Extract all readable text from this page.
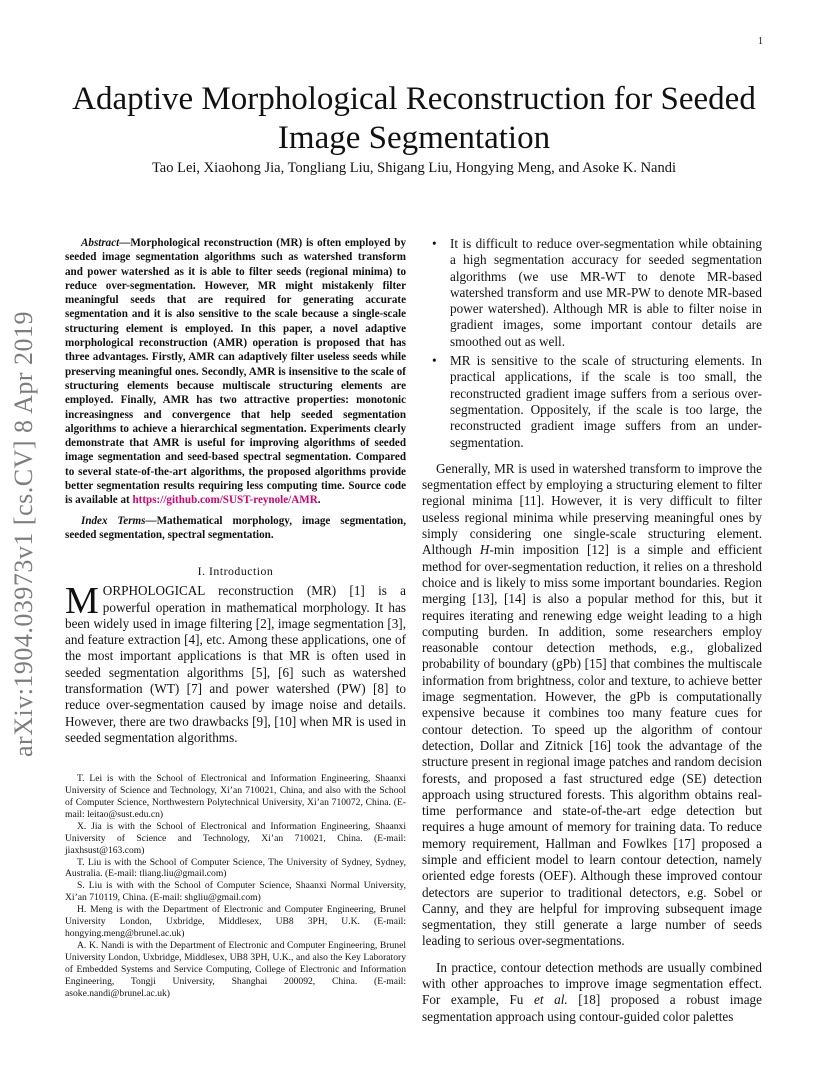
1
Adaptive Morphological Reconstruction for Seeded Image Segmentation
Tao Lei, Xiaohong Jia, Tongliang Liu, Shigang Liu, Hongying Meng, and Asoke K. Nandi
arXiv:1904.03973v1 [cs.CV] 8 Apr 2019

Abstract—Morphological reconstruction (MR) is often employed by seeded image segmentation algorithms such as watershed transform and power watershed as it is able to filter seeds (regional minima) to reduce over-segmentation. However, MR might mistakenly filter meaningful seeds that are required for generating accurate segmentation and it is also sensitive to the scale because a single-scale structuring element is employed. In this paper, a novel adaptive morphological reconstruction (AMR) operation is proposed that has three advantages. Firstly, AMR can adaptively filter useless seeds while preserving meaningful ones. Secondly, AMR is insensitive to the scale of structuring elements because multiscale structuring elements are employed. Finally, AMR has two attractive properties: monotonic increasingness and convergence that help seeded segmentation algorithms to achieve a hierarchical segmentation. Experiments clearly demonstrate that AMR is useful for improving algorithms of seeded image segmentation and seed-based spectral segmentation. Compared to several state-of-the-art algorithms, the proposed algorithms provide better segmentation results requiring less computing time. Source code is available at https://github.com/SUST-reynole/AMR.

Index Terms—Mathematical morphology, image segmentation, seeded segmentation, spectral segmentation.

I. Introduction

MORPHOLOGICAL reconstruction (MR) [1] is a powerful operation in mathematical morphology. It has been widely used in image filtering [2], image segmentation [3], and feature extraction [4], etc. Among these applications, one of the most important applications is that MR is often used in seeded segmentation algorithms [5], [6] such as watershed transformation (WT) [7] and power watershed (PW) [8] to reduce over-segmentation caused by image noise and details. However, there are two drawbacks [9], [10] when MR is used in seeded segmentation algorithms.

T. Lei is with the School of Electronical and Information Engineering, Shaanxi University of Science and Technology, Xi’an 710021, China, and also with the School of Computer Science, Northwestern Polytechnical University, Xi’an 710072, China. (E-mail: leitao@sust.edu.cn)

X. Jia is with the School of Electronical and Information Engineering, Shaanxi University of Science and Technology, Xi’an 710021, China. (E-mail: jiaxhsust@163.com)

T. Liu is with the School of Computer Science, The University of Sydney, Sydney, Australia. (E-mail: tliang.liu@gmail.com)

S. Liu is with with the School of Computer Science, Shaanxi Normal University, Xi’an 710119, China. (E-mail: shgliu@gmail.com)

H. Meng is with the Department of Electronic and Computer Engineering, Brunel University London, Uxbridge, Middlesex, UB8 3PH, U.K. (E-mail: hongying.meng@brunel.ac.uk)

A. K. Nandi is with the Department of Electronic and Computer Engineering, Brunel University London, Uxbridge, Middlesex, UB8 3PH, U.K., and also the Key Laboratory of Embedded Systems and Service Computing, College of Electronic and Information Engineering, Tongji University, Shanghai 200092, China. (E-mail: asoke.nandi@brunel.ac.uk)

• It is difficult to reduce over-segmentation while obtaining a high segmentation accuracy for seeded segmentation algorithms (we use MR-WT to denote MR-based watershed transform and use MR-PW to denote MR-based power watershed). Although MR is able to filter noise in gradient images, some important contour details are smoothed out as well.
• MR is sensitive to the scale of structuring elements. In practical applications, if the scale is too small, the reconstructed gradient image suffers from a serious over-segmentation. Oppositely, if the scale is too large, the reconstructed gradient image suffers from an under-segmentation.

Generally, MR is used in watershed transform to improve the segmentation effect by employing a structuring element to filter regional minima [11]. However, it is very difficult to filter useless regional minima while preserving meaningful ones by simply considering one single-scale structuring element. Although H-min imposition [12] is a simple and efficient method for over-segmentation reduction, it relies on a threshold choice and is likely to miss some important boundaries. Region merging [13], [14] is also a popular method for this, but it requires iterating and renewing edge weight leading to a high computing burden. In addition, some researchers employ reasonable contour detection methods, e.g., globalized probability of boundary (gPb) [15] that combines the multiscale information from brightness, color and texture, to achieve better image segmentation. However, the gPb is computationally expensive because it combines too many feature cues for contour detection. To speed up the algorithm of contour detection, Dollar and Zitnick [16] took the advantage of the structure present in regional image patches and random decision forests, and proposed a fast structured edge (SE) detection approach using structured forests. This algorithm obtains real-time performance and state-of-the-art edge detection but requires a huge amount of memory for training data. To reduce memory requirement, Hallman and Fowlkes [17] proposed a simple and efficient model to learn contour detection, namely oriented edge forests (OEF). Although these improved contour detectors are superior to traditional detectors, e.g. Sobel or Canny, and they are helpful for improving subsequent image segmentation, they still generate a large number of seeds leading to serious over-segmentations.

In practice, contour detection methods are usually combined with other approaches to improve image segmentation effect. For example, Fu et al. [18] proposed a robust image segmentation approach using contour-guided color palettes
